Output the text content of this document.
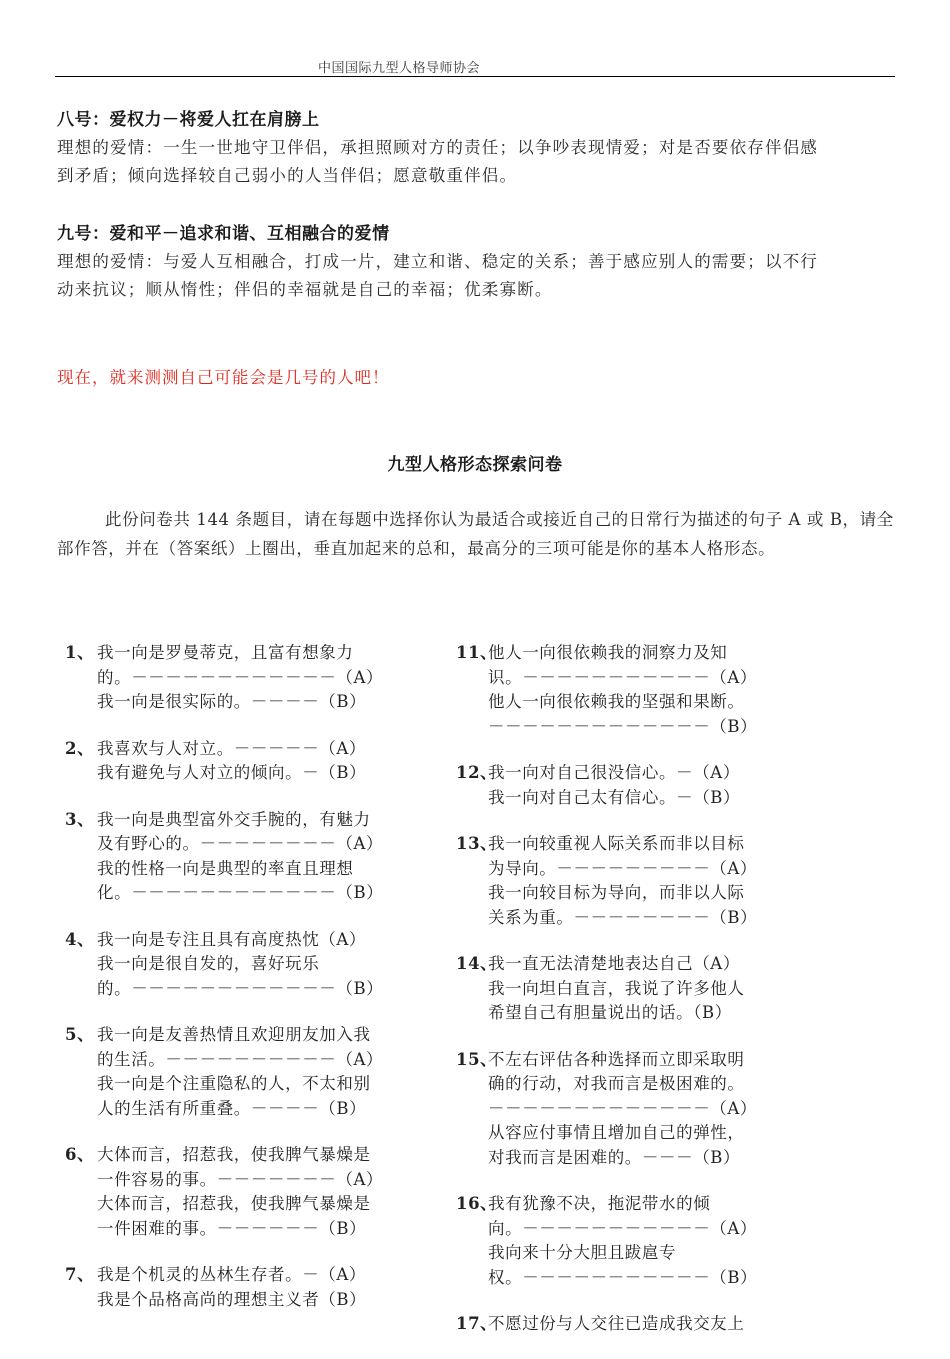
中国国际九型人格导师协会
八号：爱权力－将爱人扛在肩膀上
理想的爱情：一生一世地守卫伴侣，承担照顾对方的责任；以争吵表现情爱；对是否要依存伴侣感
到矛盾；倾向选择较自己弱小的人当伴侣；愿意敬重伴侣。
九号：爱和平－追求和谐、互相融合的爱情
理想的爱情：与爱人互相融合，打成一片，建立和谐、稳定的关系；善于感应别人的需要；以不行
动来抗议；顺从惰性；伴侣的幸福就是自己的幸福；优柔寡断。
现在，就来测测自己可能会是几号的人吧！
九型人格形态探索问卷
此份问卷共 144 条题目，请在每题中选择你认为最适合或接近自己的日常行为描述的句子 A 或 B，请全部作答，并在（答案纸）上圈出，垂直加起来的总和，最高分的三项可能是你的基本人格形态。
1、 我一向是罗曼蒂克，且富有想象力
的。－－－－－－－－－－－－（A）
我一向是很实际的。－－－－（B）
2、 我喜欢与人对立。－－－－－（A）
我有避免与人对立的倾向。－（B）
3、 我一向是典型富外交手腕的，有魅力
及有野心的。－－－－－－－－（A）
我的性格一向是典型的率直且理想
化。－－－－－－－－－－－－（B）
4、 我一向是专注且具有高度热忱（A）
我一向是很自发的，喜好玩乐
的。－－－－－－－－－－－－（B）
5、 我一向是友善热情且欢迎朋友加入我
的生活。－－－－－－－－－－（A）
我一向是个注重隐私的人，不太和别
人的生活有所重叠。－－－－（B）
6、 大体而言，招惹我，使我脾气暴燥是
一件容易的事。－－－－－－－（A）
大体而言，招惹我，使我脾气暴燥是
一件困难的事。－－－－－－（B）
7、 我是个机灵的丛林生存者。－（A）
我是个品格高尚的理想主义者（B）
11、
他人一向很依赖我的洞察力及知
识。－－－－－－－－－－－（A）
他人一向很依赖我的坚强和果断。
－－－－－－－－－－－－－（B）
12、
我一向对自己很没信心。－（A）
我一向对自己太有信心。－（B）
13、
我一向较重视人际关系而非以目标
为导向。－－－－－－－－－（A）
我一向较目标为导向，而非以人际
关系为重。－－－－－－－－（B）
14、
我一直无法清楚地表达自己（A）
我一向坦白直言，我说了许多他人
希望自己有胆量说出的话。（B）
15、
不左右评估各种选择而立即采取明
确的行动，对我而言是极困难的。
－－－－－－－－－－－－－（A）
从容应付事情且增加自己的弹性，
对我而言是困难的。－－－（B）
16、
我有犹豫不决，拖泥带水的倾
向。－－－－－－－－－－－（A）
我向来十分大胆且跋扈专
权。－－－－－－－－－－－（B）
17、
不愿过份与人交往已造成我交友上
